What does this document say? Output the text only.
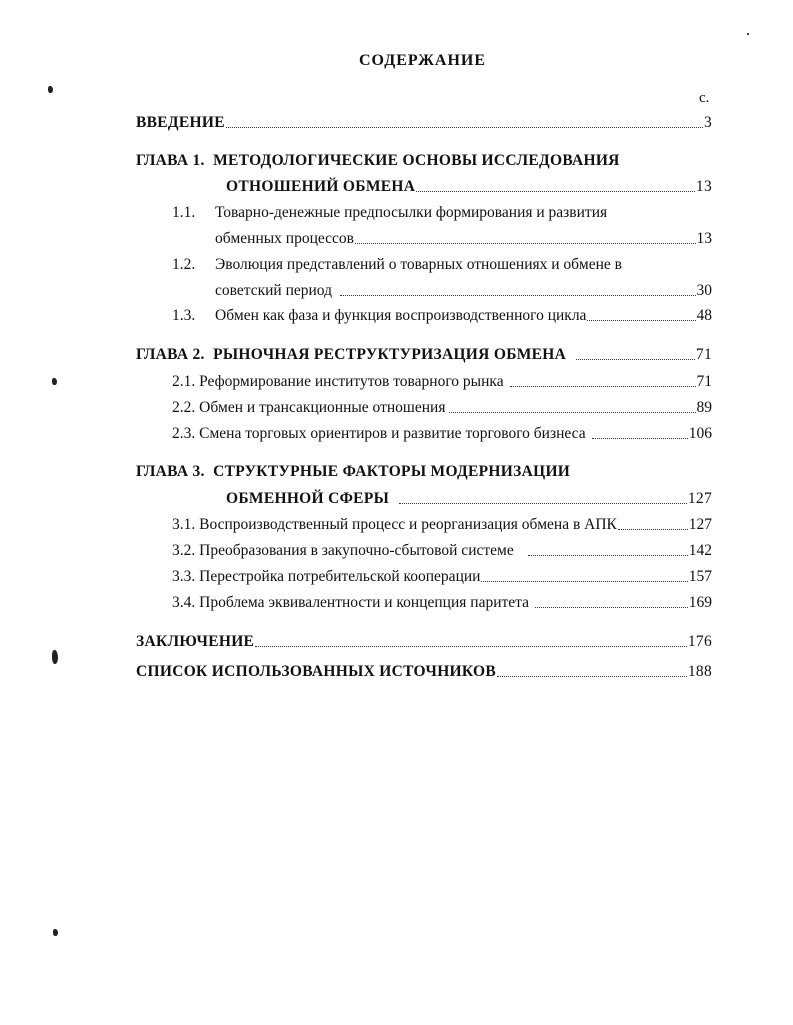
СОДЕРЖАНИЕ
с.
ВВЕДЕНИЕ	3
ГЛАВА 1. МЕТОДОЛОГИЧЕСКИЕ ОСНОВЫ ИССЛЕДОВАНИЯ
ОТНОШЕНИЙ ОБМЕНА	13
1.1. Товарно-денежные предпосылки формирования и развития
обменных процессов	13
1.2. Эволюция представлений о товарных отношениях и обмене в
советский период	30
1.3. Обмен как фаза и функция воспроизводственного цикла	48
ГЛАВА 2. РЫНОЧНАЯ РЕСТРУКТУРИЗАЦИЯ ОБМЕНА	71
2.1. Реформирование институтов товарного рынка	71
2.2. Обмен и трансакционные отношения	89
2.3. Смена торговых ориентиров и развитие торгового бизнеса	106
ГЛАВА 3. СТРУКТУРНЫЕ ФАКТОРЫ МОДЕРНИЗАЦИИ
ОБМЕННОЙ СФЕРЫ	127
3.1. Воспроизводственный процесс и реорганизация обмена в АПК	127
3.2. Преобразования в закупочно-сбытовой системе	142
3.3. Перестройка потребительской кооперации	157
3.4. Проблема эквивалентности и концепция паритета	169
ЗАКЛЮЧЕНИЕ	176
СПИСОК ИСПОЛЬЗОВАННЫХ ИСТОЧНИКОВ	188
